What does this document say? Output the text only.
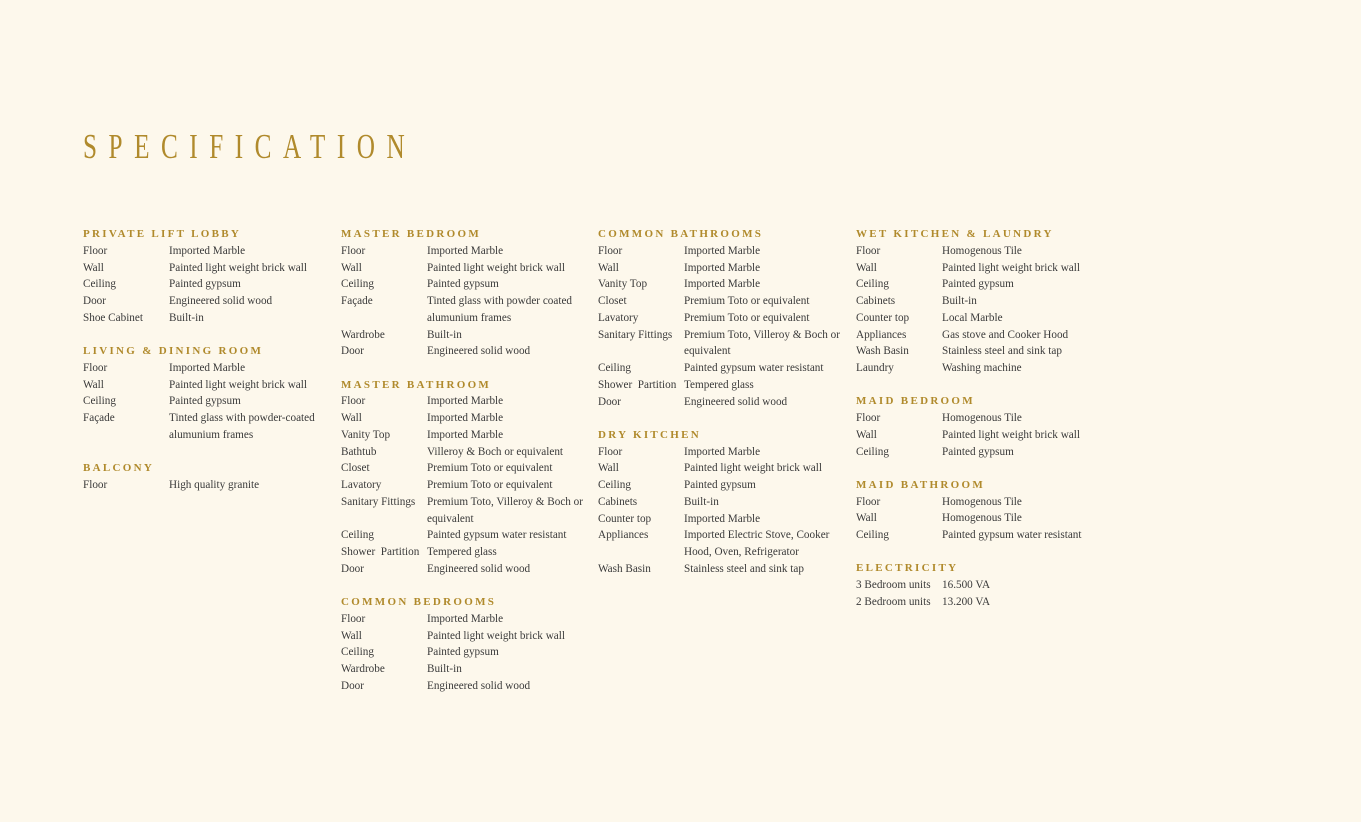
SPECIFICATION
PRIVATE LIFT LOBBY
Floor	Imported Marble
Wall	Painted light weight brick wall
Ceiling	Painted gypsum
Door	Engineered solid wood
Shoe Cabinet	Built-in
LIVING & DINING ROOM
Floor	Imported Marble
Wall	Painted light weight brick wall
Ceiling	Painted gypsum
Façade	Tinted glass with powder-coated alumunium frames
BALCONY
Floor	High quality granite
MASTER BEDROOM
Floor	Imported Marble
Wall	Painted light weight brick wall
Ceiling	Painted gypsum
Façade	Tinted glass with powder coated alumunium frames
Wardrobe	Built-in
Door	Engineered solid wood
MASTER BATHROOM
Floor	Imported Marble
Wall	Imported Marble
Vanity Top	Imported Marble
Bathtub	Villeroy & Boch or equivalent
Closet	Premium Toto or equivalent
Lavatory	Premium Toto or equivalent
Sanitary Fittings	Premium Toto, Villeroy & Boch or equivalent
Ceiling	Painted gypsum water resistant
Shower  Partition Tempered glass
Door	Engineered solid wood
COMMON BEDROOMS
Floor	Imported Marble
Wall	Painted light weight brick wall
Ceiling	Painted gypsum
Wardrobe	Built-in
Door	Engineered solid wood
COMMON BATHROOMS
Floor	Imported Marble
Wall	Imported Marble
Vanity Top	Imported Marble
Closet	Premium Toto or equivalent
Lavatory	Premium Toto or equivalent
Sanitary Fittings	Premium Toto, Villeroy & Boch or equivalent
Ceiling	Painted gypsum water resistant
Shower  Partition Tempered glass
Door	Engineered solid wood
DRY KITCHEN
Floor	Imported Marble
Wall	Painted light weight brick wall
Ceiling	Painted gypsum
Cabinets	Built-in
Counter top	Imported Marble
Appliances	Imported Electric Stove, Cooker Hood, Oven, Refrigerator
Wash Basin	Stainless steel and sink tap
WET KITCHEN & LAUNDRY
Floor	Homogenous Tile
Wall	Painted light weight brick wall
Ceiling	Painted gypsum
Cabinets	Built-in
Counter top	Local Marble
Appliances	Gas stove and Cooker Hood
Wash Basin	Stainless steel and sink tap
Laundry	Washing machine
MAID BEDROOM
Floor	Homogenous Tile
Wall	Painted light weight brick wall
Ceiling	Painted gypsum
MAID BATHROOM
Floor	Homogenous Tile
Wall	Homogenous Tile
Ceiling	Painted gypsum water resistant
ELECTRICITY
3 Bedroom units	16.500 VA
2 Bedroom units	13.200 VA
